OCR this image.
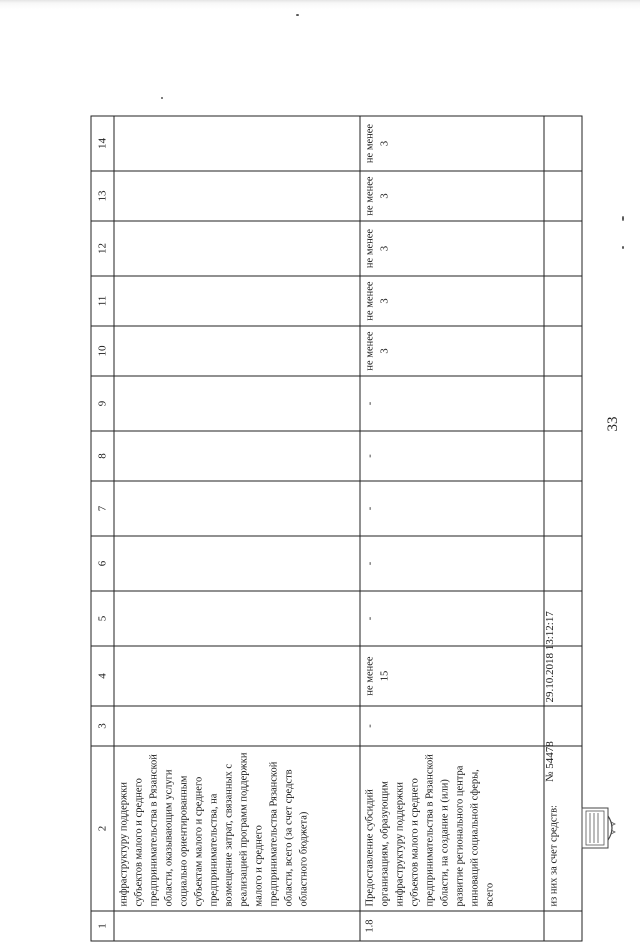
33
1	2	3	4	5	6	7	8	9	10	11	12	13	14
	инфраструктуру поддержки субъектов малого и среднего предпринимательства в Рязанской области, оказывающим услуги социально ориентированным субъектам малого и среднего предпринимательства, на возмещение затрат, связанных с реализацией программ поддержки малого и среднего предпринимательства Рязанской области, всего (за счет средств областного бюджета)												
1.8	Предоставление субсидий организациям, образующим инфраструктуру поддержки субъектов малого и среднего предпринимательства в Рязанской области, на создание и (или) развитие регионального центра инноваций социальной сферы, всего	-	не менее 15	-	-	-	-	-	не менее 3	не менее 3	не менее 3	не менее 3	не менее 3
	из них за счет средств:												
№ 54478 29.10.2018 13:12:17
